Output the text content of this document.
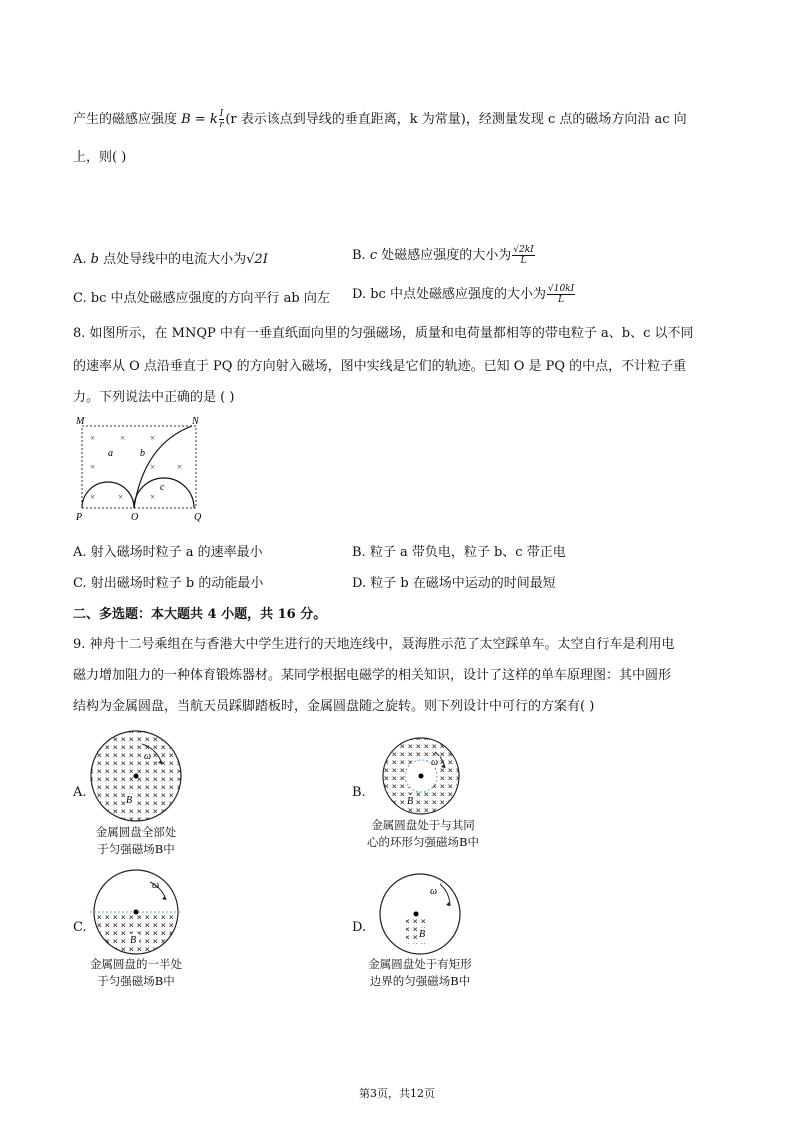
产生的磁感应强度 B = k $\frac{I}{r} (r$ 表示该点到导线的垂直距离，k 为常量)，经测量发现 c 点的磁场方向沿 ac 向
上，则( )
A. b 点处导线中的电流大小为√2I	B. c 处磁感应强度的大小为 $\frac{√2kI}{L}$
C. bc 中点处磁感应强度的方向平行 ab 向左 D. bc 中点处磁感应强度的大小为 $\frac{√10kI}{L}$
8. 如图所示，在 MNQP 中有一垂直纸面向里的匀强磁场，质量和电荷量都相等的带电粒子 a、b、c 以不同
的速率从 O 点沿垂直于 PQ 的方向射入磁场，图中实线是它们的轨迹。已知 O 是 PQ 的中点，不计粒子重
力。下列说法中正确的是 ( )
M	N
P	O	Q
×	×	×
×	× ×
×	×	×
a	b
c
A. 射入磁场时粒子 a 的速率最小	B. 粒子 a 带负电，粒子 b、c 带正电
C. 射出磁场时粒子 b 的动能最小	D. 粒子 b 在磁场中运动的时间最短
二、多选题：本大题共 4 小题，共 16 分。
9. 神舟十二号乘组在与香港大中学生进行的天地连线中，聂海胜示范了太空踩单车。太空自行车是利用电
磁力增加阻力的一种体育锻炼器材。某同学根据电磁学的相关知识，设计了这样的单车原理图：其中圆形
结构为金属圆盘，当航天员踩脚踏板时，金属圆盘随之旋转。则下列设计中可行的方案有( )
A.
ω
B
金属圆盘全部处
于匀强磁场B中
B.
ω
B
金属圆盘处于与其同
心的环形匀强磁场B中
C.
ω
B
金属圆盘的一半处
于匀强磁场B中
D.
ω
B
金属圆盘处于有矩形
边界的匀强磁场B中
第3页，共12页
